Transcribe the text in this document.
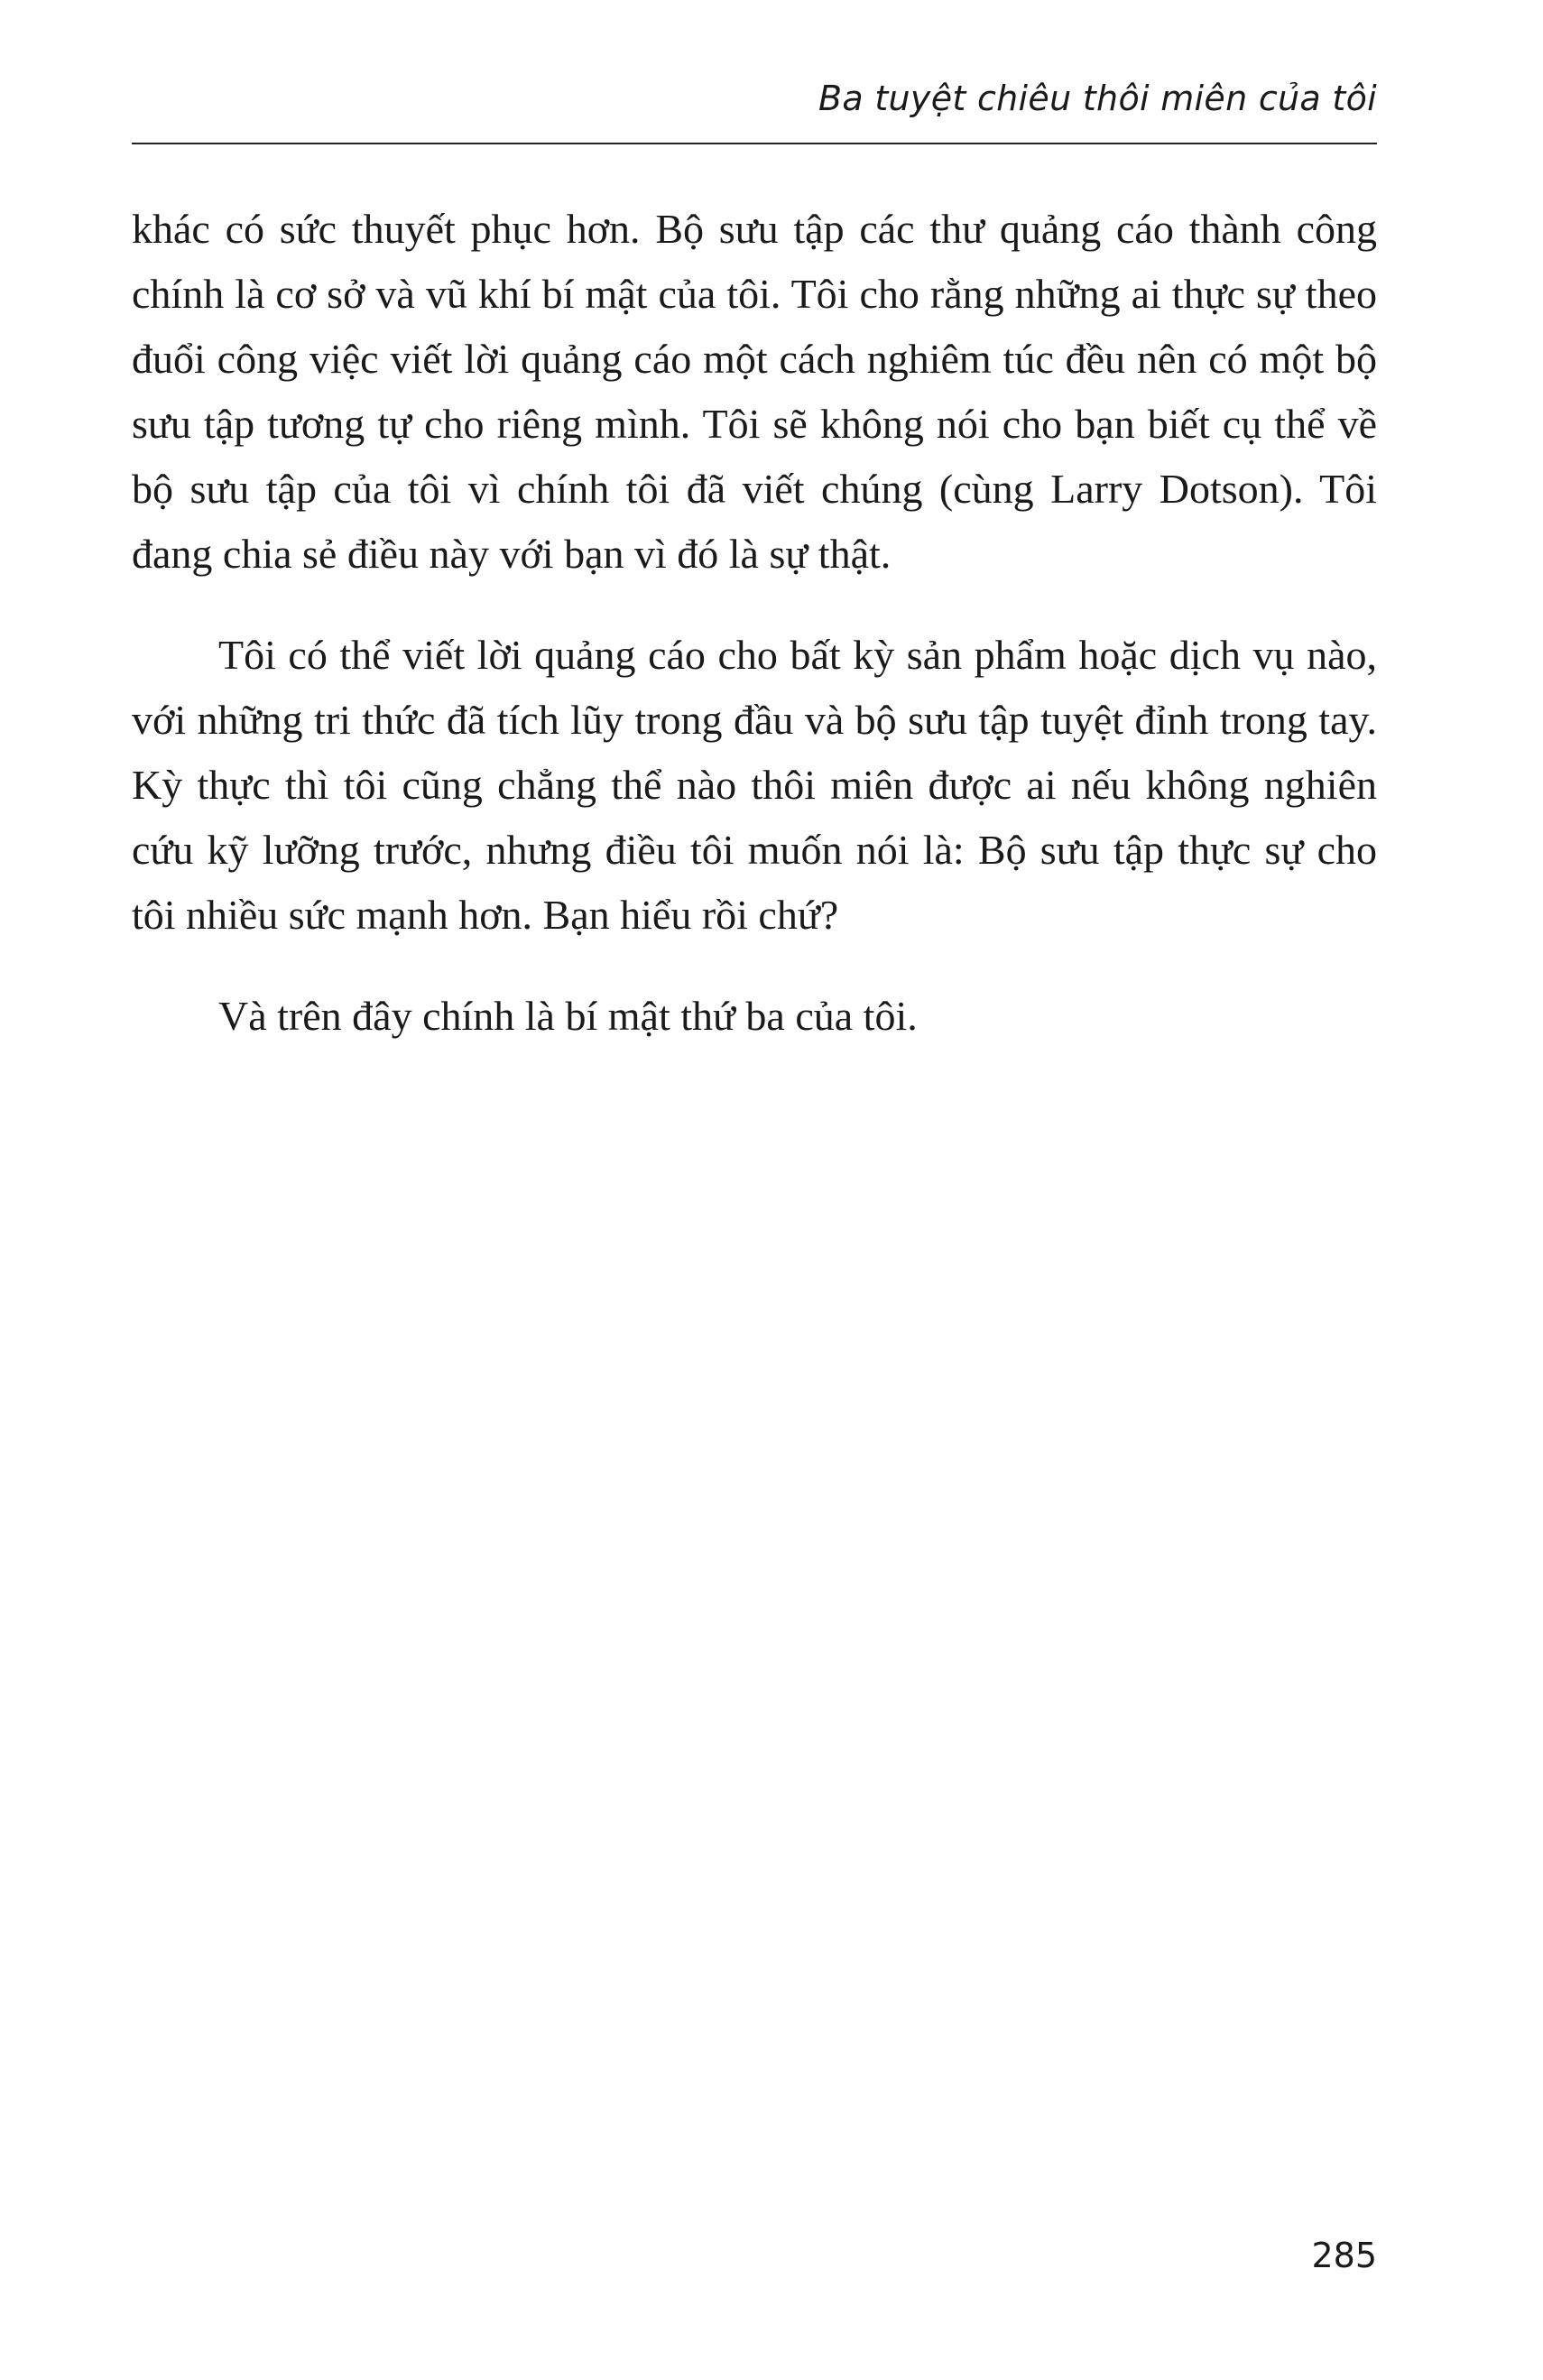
Ba tuyệt chiêu thôi miên của tôi

khác có sức thuyết phục hơn. Bộ sưu tập các thư quảng cáo thành công chính là cơ sở và vũ khí bí mật của tôi. Tôi cho rằng những ai thực sự theo đuổi công việc viết lời quảng cáo một cách nghiêm túc đều nên có một bộ sưu tập tương tự cho riêng mình. Tôi sẽ không nói cho bạn biết cụ thể về bộ sưu tập của tôi vì chính tôi đã viết chúng (cùng Larry Dotson). Tôi đang chia sẻ điều này với bạn vì đó là sự thật.

Tôi có thể viết lời quảng cáo cho bất kỳ sản phẩm hoặc dịch vụ nào, với những tri thức đã tích lũy trong đầu và bộ sưu tập tuyệt đỉnh trong tay. Kỳ thực thì tôi cũng chẳng thể nào thôi miên được ai nếu không nghiên cứu kỹ lưỡng trước, nhưng điều tôi muốn nói là: Bộ sưu tập thực sự cho tôi nhiều sức mạnh hơn. Bạn hiểu rồi chứ?

Và trên đây chính là bí mật thứ ba của tôi.

285
